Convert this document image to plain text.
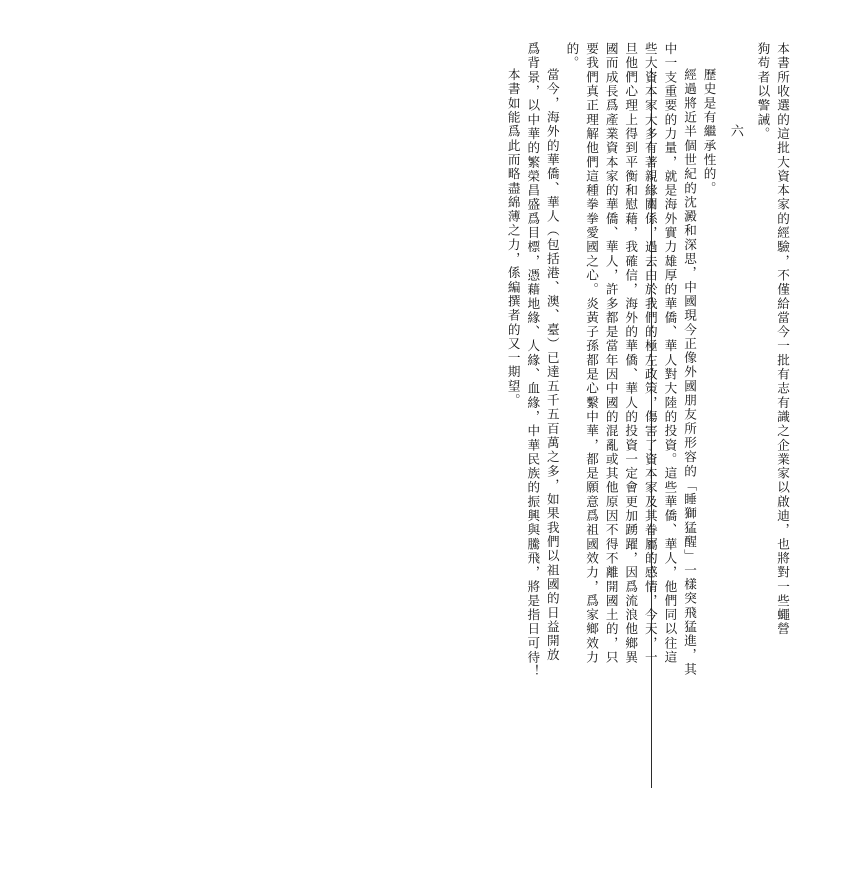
本書所收選的這批大資本家的經驗，不僅給當今一批有志有識之企業家以啟迪，也將對一些蠅營
狗苟者以警誡。
六
歷史是有繼承性的。
經過將近半個世紀的沈澱和深思，中國現今正像外國朋友所形容的「睡獅猛醒」一樣突飛猛進，其
中一支重要的力量，就是海外實力雄厚的華僑、華人對大陸的投資。這些華僑、華人，他們同以往這
些大資本家大多有著親緣關係，過去由於我們的極左政策，傷害了資本家及其眷屬的感情，今天，一
旦他們心理上得到平衡和慰藉，我確信，海外的華僑、華人的投資一定會更加踴躍，因爲流浪他鄉異
國而成長爲產業資本家的華僑、華人，許多都是當年因中國的混亂或其他原因不得不離開國土的，只
要我們真正理解他們這種拳拳愛國之心。炎黃子孫都是心繫中華，都是願意爲祖國效力，爲家鄉效力
的。
當今，海外的華僑、華人（包括港、澳、臺）已達五千五百萬之多，如果我們以祖國的日益開放
爲背景，以中華的繁榮昌盛爲目標，憑藉地緣、人緣、血緣，中華民族的振興與騰飛，將是指日可待！
本書如能爲此而略盡綿薄之力，係編撰者的又一期望。
